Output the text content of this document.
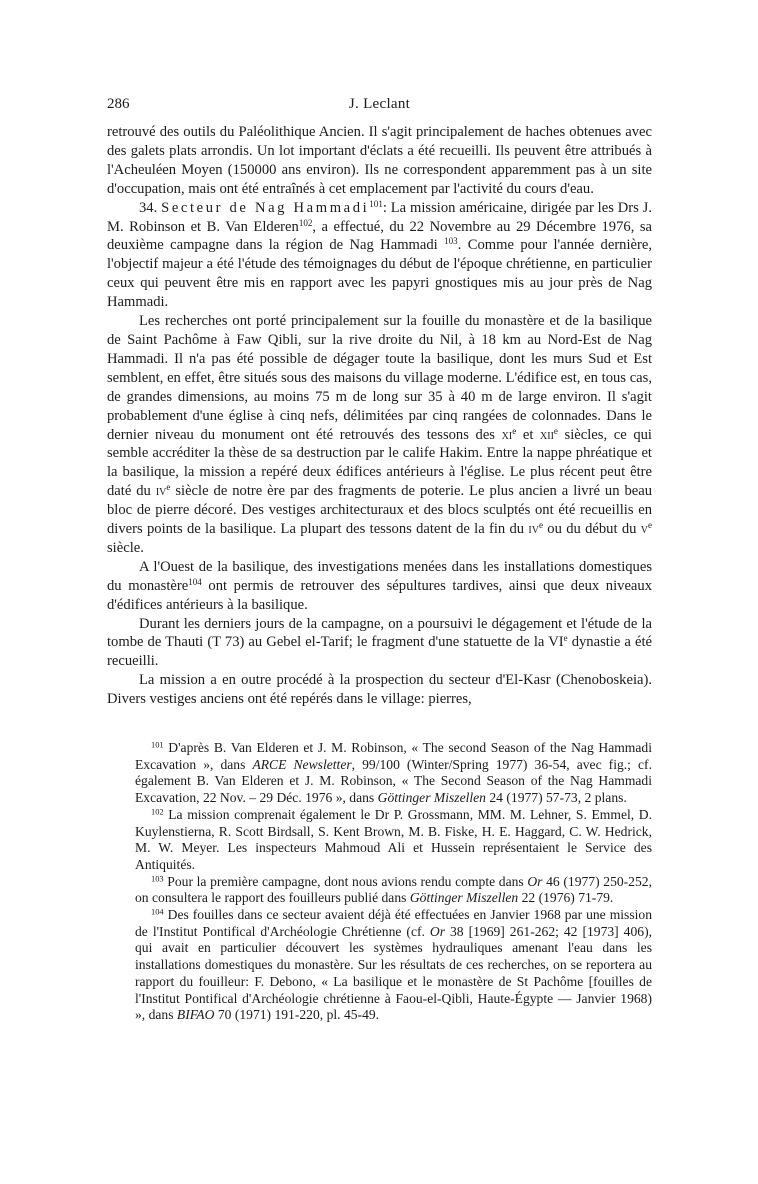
286	J. Leclant

retrouvé des outils du Paléolithique Ancien. Il s'agit principalement de haches obtenues avec des galets plats arrondis. Un lot important d'éclats a été recueilli. Ils peuvent être attribués à l'Acheuléen Moyen (150000 ans environ). Ils ne correspondent apparemment pas à un site d'occupation, mais ont été entraînés à cet emplacement par l'activité du cours d'eau.

34. Secteur de Nag Hammadi$^{101}$: La mission américaine, dirigée par les Drs J. M. Robinson et B. Van Elderen$^{102}$, a effectué, du 22 Novembre au 29 Décembre 1976, sa deuxième campagne dans la région de Nag Hammadi $^{103}$. Comme pour l'année dernière, l'objectif majeur a été l'étude des témoignages du début de l'époque chrétienne, en particulier ceux qui peuvent être mis en rapport avec les papyri gnostiques mis au jour près de Nag Hammadi.

Les recherches ont porté principalement sur la fouille du monastère et de la basilique de Saint Pachôme à Faw Qibli, sur la rive droite du Nil, à 18 km au Nord-Est de Nag Hammadi. Il n'a pas été possible de dégager toute la basilique, dont les murs Sud et Est semblent, en effet, être situés sous des maisons du village moderne. L'édifice est, en tous cas, de grandes dimensions, au moins 75 m de long sur 35 à 40 m de large environ. Il s'agit probablement d'une église à cinq nefs, délimitées par cinq rangées de colonnades. Dans le dernier niveau du monument ont été retrouvés des tessons des $xi^e$ et xii$^e$ siècles, ce qui semble accréditer la thèse de sa destruction par le calife Hakim. Entre la nappe phréatique et la basilique, la mission a repéré deux édifices antérieurs à l'église. Le plus récent peut être daté du $iv^e$ siècle de notre ère par des fragments de poterie. Le plus ancien a livré un beau bloc de pierre décoré. Des vestiges architecturaux et des blocs sculptés ont été recueillis en divers points de la basilique. La plupart des tessons datent de la fin du $iv^e$ ou du début du $v^e$ siècle.

A l'Ouest de la basilique, des investigations menées dans les installations domestiques du monastère$^{104}$ ont permis de retrouver des sépultures tardives, ainsi que deux niveaux d'édifices antérieurs à la basilique.

Durant les derniers jours de la campagne, on a poursuivi le dégagement et l'étude de la tombe de Thauti (T 73) au Gebel el-Tarif; le fragment d'une statuette de la VIe dynastie a été recueilli.

La mission a en outre procédé à la prospection du secteur d'El-Kasr (Chenoboskeia). Divers vestiges anciens ont été repérés dans le village: pierres,

$^{101}$ D'après B. Van Elderen et J. M. Robinson, « The second Season of the Nag Hammadi Excavation », dans ARCE Newsletter, 99/100 (Winter/Spring 1977) 36-54, avec fig.; cf. également B. Van Elderen et J. M. Robinson, « The Second Season of the Nag Hammadi Excavation, 22 Nov. – 29 Déc. 1976 », dans Göttinger Miszellen 24 (1977) 57-73, 2 plans.

$^{102}$ La mission comprenait également le Dr P. Grossmann, MM. M. Lehner, S. Emmel, D. Kuylenstierna, R. Scott Birdsall, S. Kent Brown, M. B. Fiske, H. E. Haggard, C. W. Hedrick, M. W. Meyer. Les inspecteurs Mahmoud Ali et Hussein représentaient le Service des Antiquités.

$^{103}$ Pour la première campagne, dont nous avions rendu compte dans Or 46 (1977) 250-252, on consultera le rapport des fouilleurs publié dans Göttinger Miszellen 22 (1976) 71-79.

$^{104}$ Des fouilles dans ce secteur avaient déjà été effectuées en Janvier 1968 par une mission de l'Institut Pontifical d'Archéologie Chrétienne (cf. Or 38 [1969] 261-262; 42 [1973] 406), qui avait en particulier découvert les systèmes hydrauliques amenant l'eau dans les installations domestiques du monastère. Sur les résultats de ces recherches, on se reportera au rapport du fouilleur: F. Debono, « La basilique et le monastère de St Pachôme [fouilles de l'Institut Pontifical d'Archéologie chrétienne à Faou-el-Qibli, Haute-Égypte — Janvier 1968) », dans BIFAO 70 (1971) 191-220, pl. 45-49.
